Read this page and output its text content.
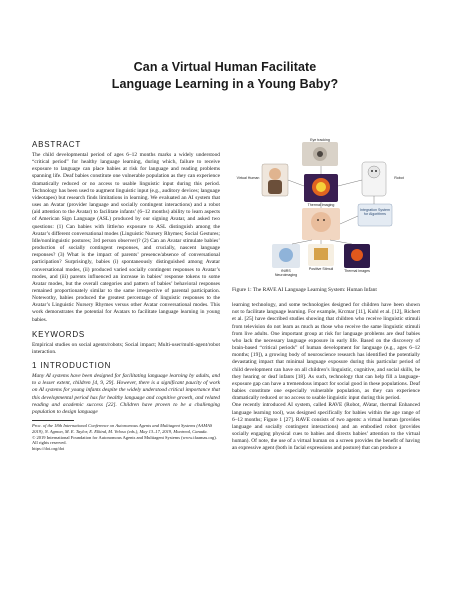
Can a Virtual Human Facilitate
Language Learning in a Young Baby?
ABSTRACT

The child developmental period of ages 6–12 months marks a widely understood “critical period” for healthy language learning, during which, failure to receive exposure to language can place babies at risk for language and reading problems spanning life. Deaf babies constitute one vulnerable population as they can experience dramatically reduced or no access to usable linguistic input during this period. Technology has been used to augment linguistic input (e.g., auditory devices; language videotapes) but research finds limitations in learning. We evaluated an AI system that uses an Avatar (provider language and socially contingent interactions) and a robot (aid attention to the Avatar) to facilitate infants’ (6–12 months) ability to learn aspects of American Sign Language (ASL) produced by our signing Avatar, and asked two questions: (1) Can babies with little/no exposure to ASL distinguish among the Avatar’s different conversational modes (Linguistic Nursery Rhymes; Social Gestures; Idle/nonlinguistic postures; 3rd person observer)? (2) Can an Avatar stimulate babies’ production of socially contingent responses, and crucially, nascent language responses? (3) What is the impact of parents’ presence/absence of conversational participation? Surprisingly, babies (i) spontaneously distinguished among Avatar conversational modes, (ii) produced varied socially contingent responses to Avatar’s modes, and (iii) parents influenced an increase in babies’ response tokens to some Avatar modes, but the overall categories and pattern of babies’ behavioral responses remained proportionately similar to the same irrespective of parental participation. Notewothy, babies produced the greatest percentage of linguistic responses to the Avatar’s Linguistic Nursery Rhymes versus other Avatar conversational modes. This work demonstrates the potential for Avatars to facilitate language learning in young babies.

KEYWORDS

Empirical studies on social agents/robots; Social impact; Multi-user/multi-agent/robot interaction.

1 INTRODUCTION

Many AI systems have been designed for facilitating language learning by adults, and to a lesser extent, children [4, 9, 29]. However, there is a significant paucity of work on AI systems for young infants despite the widely understood critical importance that this developmental period has for healthy language and cognitive growth, and related reading and academic success [22]. Children have proven to be a challenging population to design language

Proc. of the 18th International Conference on Autonomous Agents and Multiagent Systems (AAMAS 2019), N. Agmon, M. E. Taylor, E. Elkind, M. Veloso (eds.), May 13–17, 2019, Montreal, Canada.

© 2019 International Foundation for Autonomous Agents and Multiagent Systems (www.ifaamas.org). All rights reserved.

https://doi.org/doi

Eye tracking
Virtual Human
Thermal imaging
Robot
Integration System for Algorithms
fNIRS Neuroimaging
Positive Stimuli	Thermal images

Figure 1: The RAVE AI Language Learning System: Human Infant

learning technology, and some technologies designed for children have been shown not to facilitate language learning. For example, Krcmar [11], Kuhl et al. [12], Richert et al. [25] have described studies showing that children who receive linguistic stimuli from television do not learn as much as those who receive the same linguistic stimuli from live adults. One important group at risk for language problems are deaf babies who lack the necessary language exposure in early life. Based on the discovery of brain-based “critical periods” of human development for language (e.g., ages 6–12 months; [19]), a growing body of neuroscience research has identified the potentially devastating impact that minimal language exposure during this particular period of child development can have on all children’s linguistic, cognitive, and social skills, be they hearing or deaf infants [18]. As such, technology that can help fill a language-exposure gap can have a tremendous impact for social good in these populations. Deaf babies constitute one especially vulnerable population, as they can experience dramatically reduced or no access to usable linguistic input during this period.
One recently introduced AI system, called RAVE (Robot, AVatar, thermal Enhanced language learning tool), was designed specifically for babies within the age range of 6–12 months; Figure 1 [27]. RAVE consists of two agents: a virtual human (provides language and socially contingent interactions) and an embodied robot (provides socially engaging physical cues to babies and directs babies’ attention to the virtual human). Of note, the use of a virtual human on a screen provides the benefit of having an expressive agent (both in facial expressions and posture) that can produce a
